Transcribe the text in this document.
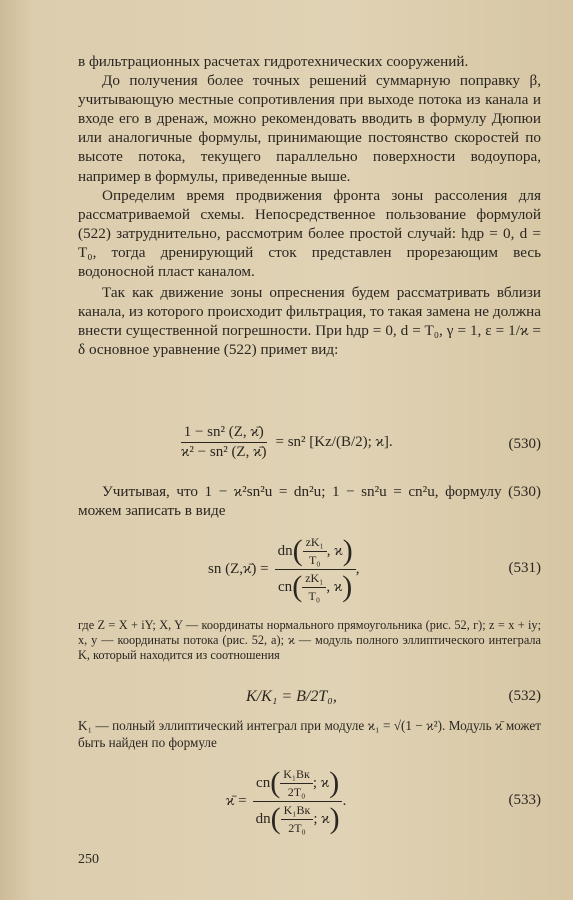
в фильтрационных расчетах гидротехнических сооружений.

До получения более точных решений суммарную поправку β, учитывающую местные сопротивления при выходе потока из канала и входе его в дренаж, можно рекомендовать вводить в формулу Дюпюи или аналогичные формулы, принимающие постоянство скоростей по высоте потока, текущего параллельно поверхности водоупора, например в формулы, приведенные выше.

Определим время продвижения фронта зоны рассоления для рассматриваемой схемы. Непосредственное пользование формулой (522) затруднительно, рассмотрим более простой случай: hдр = 0, d = T₀, тогда дренирующий сток представлен прорезающим весь водоносной пласт каналом.

Так как движение зоны опреснения будем рассматривать вблизи канала, из которого происходит фильтрация, то такая замена не должна внести существенной погрешности. При hдр = 0, d = T₀, γ = 1, ε = 1/ϰ = δ основное уравнение (522) примет вид:

$\frac{\text{1 − sn² (Z, ϰ̄)}}{\text{ϰ² − sn² (Z, ϰ̄)}} = sn^2$ [Kz/(B/2); ϰ].	(530)

Учитывая, что 1 − ϰ²sn²u = dn²u; 1 − sn²u = cn²u, формулу (530) можем записать в виде

sn (Z,ϰ̄) = $\frac{dn ( \frac{\text{zK₁}}{\text{T₀}} , ϰ )}{cn ( \frac{\text{zK₁}}{\text{T₀}} , ϰ )}$ ,	(531)

где Z = X + iY; X, Y — координаты нормального прямоугольника (рис. 52, г); z = x + iy; x, y — координаты потока (рис. 52, а); ϰ — модуль полного эллиптического интеграла K, который находится из соотношения

K/K₁ = B/2T₀,	(532)

K₁ — полный эллиптический интеграл при модуле ϰ₁ = √(1 − ϰ²). Модуль ϰ̄ может быть найден по формуле

ϰ̄ = $\frac{cn ( \frac{\text{K₁Bк}}{\text{2T₀}} ; ϰ )}{dn ( \frac{\text{K₁Bк}}{\text{2T₀}} ; ϰ )}$ .	(533)
250
